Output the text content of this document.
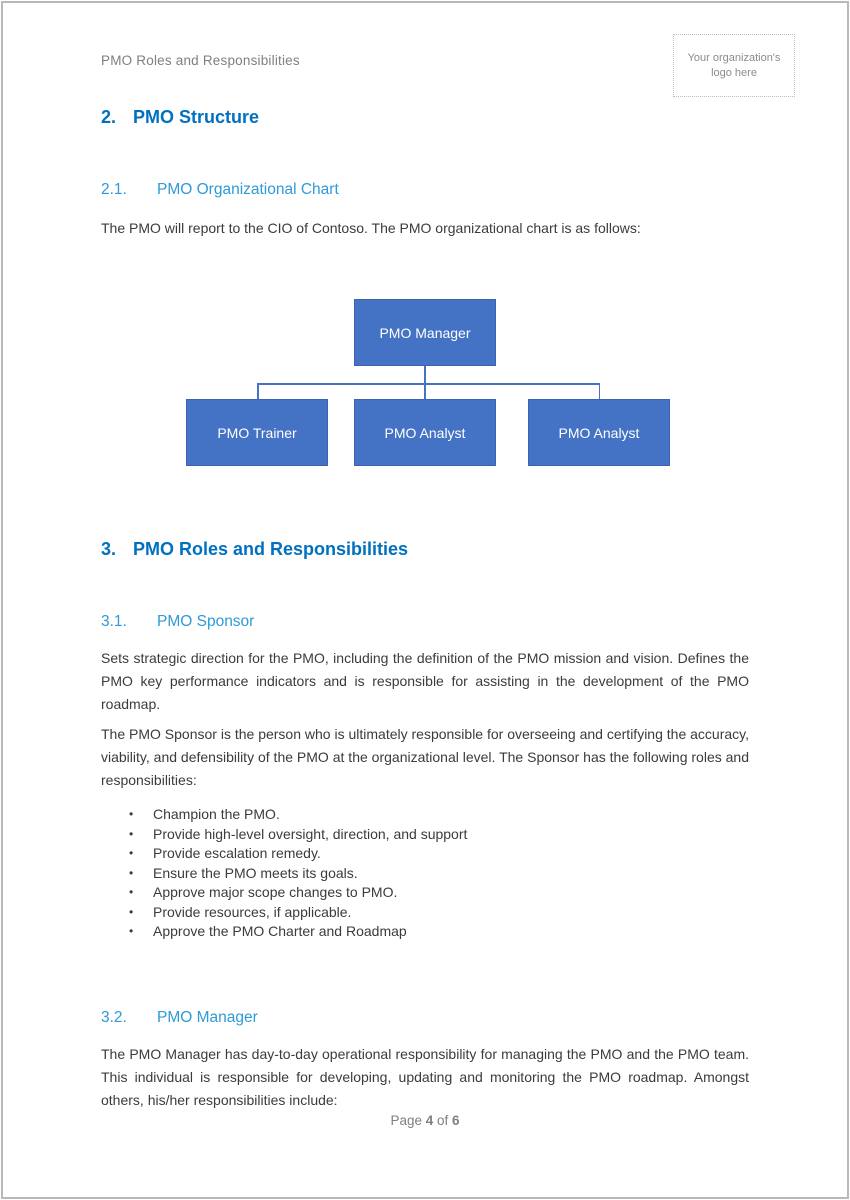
PMO Roles and Responsibilities	Your organization's logo here
2. PMO Structure
2.1.	PMO Organizational Chart

The PMO will report to the CIO of Contoso. The PMO organizational chart is as follows:

PMO Manager
PMO Trainer	PMO Analyst	PMO Analyst
3. PMO Roles and Responsibilities
3.1.	PMO Sponsor

Sets strategic direction for the PMO, including the definition of the PMO mission and vision. Defines the PMO key performance indicators and is responsible for assisting in the development of the PMO roadmap.

The PMO Sponsor is the person who is ultimately responsible for overseeing and certifying the accuracy, viability, and defensibility of the PMO at the organizational level. The Sponsor has the following roles and responsibilities:

•	Champion the PMO.
•	Provide high-level oversight, direction, and support
•	Provide escalation remedy.
•	Ensure the PMO meets its goals.
•	Approve major scope changes to PMO.
•	Provide resources, if applicable.
•	Approve the PMO Charter and Roadmap
3.2.	PMO Manager

The PMO Manager has day-to-day operational responsibility for managing the PMO and the PMO team. This individual is responsible for developing, updating and monitoring the PMO roadmap. Amongst others, his/her responsibilities include:

Page 4 of 6
